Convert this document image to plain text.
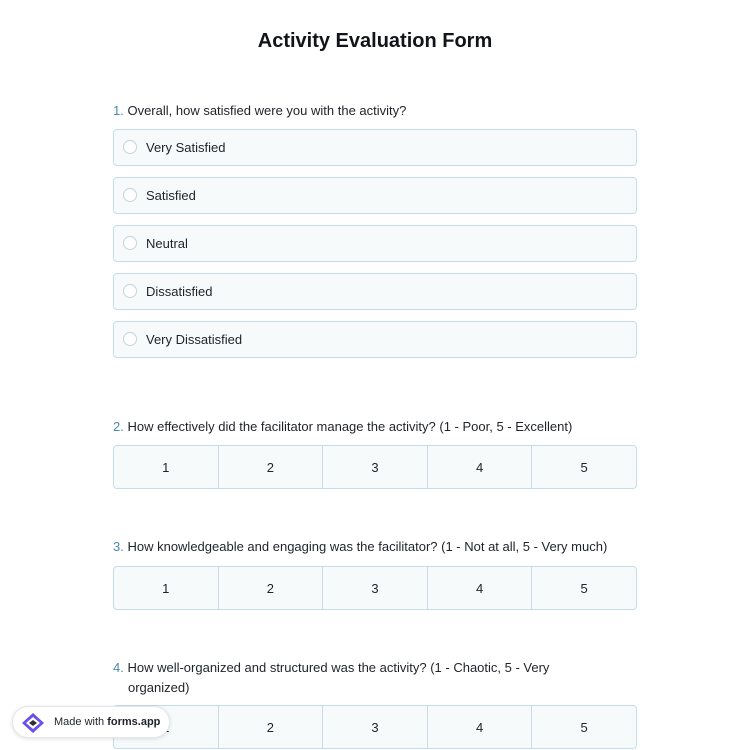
Activity Evaluation Form
1. Overall, how satisfied were you with the activity?
Very Satisfied
Satisfied
Neutral
Dissatisfied
Very Dissatisfied
2. How effectively did the facilitator manage the activity? (1 - Poor, 5 - Excellent)
1	2	3	4	5
3. How knowledgeable and engaging was the facilitator? (1 - Not at all, 5 - Very much)
1	2	3	4	5
4. How well-organized and structured was the activity? (1 - Chaotic, 5 - Very organized)
2	3	4	5
Made with forms.app
